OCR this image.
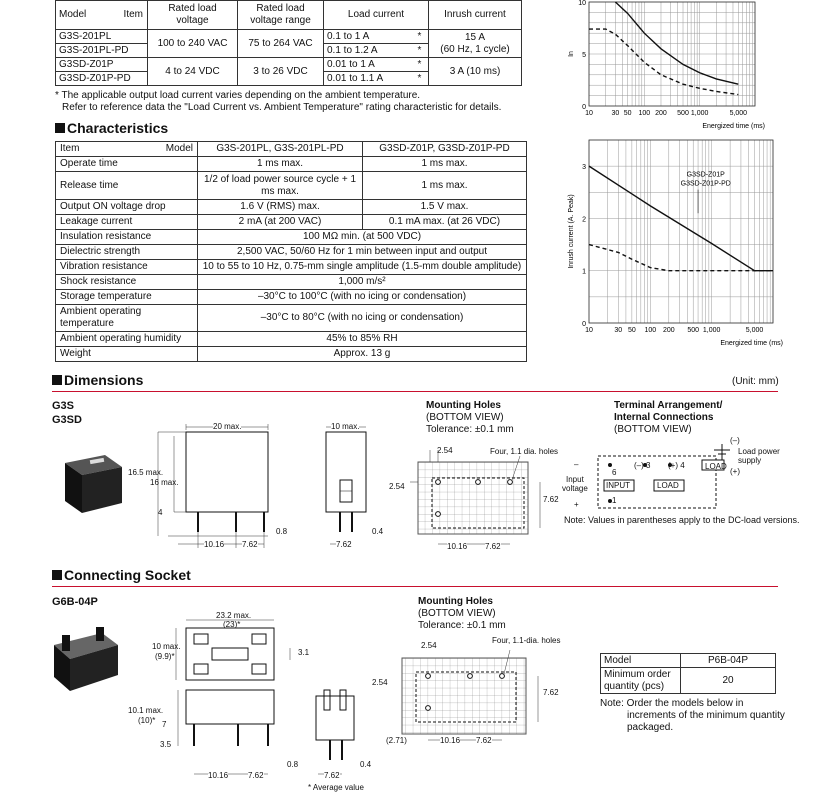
Model Item	Rated load voltage	Rated load voltage range	Load current		Inrush current
G3S-201PL	100 to 240 VAC	75 to 264 VAC	0.1 to 1 A	*	15 A
(60 Hz, 1 cycle)
G3S-201PL-PD			0.1 to 1.2 A	*	
G3SD-Z01P	4 to 24 VDC	3 to 26 VDC	0.01 to 1 A	*	3 A (10 ms)
G3SD-Z01P-PD			0.01 to 1.1 A	*	
* The applicable output load current varies depending on the ambient temperature.
Refer to reference data the "Load Current vs. Ambient Temperature" rating characteristic for details.
Characteristics
Item Model	G3S-201PL, G3S-201PL-PD	G3SD-Z01P, G3SD-Z01P-PD
Operate time	1 ms max.	1 ms max.
Release time	1/2 of load power source cycle + 1 ms max.	1 ms max.
Output ON voltage drop	1.6 V (RMS) max.	1.5 V max.
Leakage current	2 mA (at 200 VAC)	0.1 mA max. (at 26 VDC)
Insulation resistance	100 MΩ min. (at 500 VDC)	
Dielectric strength	2,500 VAC, 50/60 Hz for 1 min between input and output	
Vibration resistance	10 to 55 to 10 Hz, 0.75-mm single amplitude (1.5-mm double amplitude)	
Shock resistance	1,000 m/s²	
Storage temperature	–30°C to 100°C (with no icing or condensation)	
Ambient operating temperature	–30°C to 80°C (with no icing or condensation)	
Ambient operating humidity	45% to 85% RH	
Weight	Approx. 13 g	
10	30 50 100 200 500 1,000	5,000
0
5
10
Energized time (ms)
In
10	30 50 100 200 500 1,000	5,000
0
1
2
3
Energized time (ms)
Inrush current (A. Peak)
G3SD-Z01P
G3SD-Z01P-PD
Dimensions	(Unit: mm)
G3S
G3SD
20 max.
16.5 max.
16 max.
4
0.8
10.16 7.62
10 max.
0.4
7.62
Mounting Holes
(BOTTOM VIEW)
Tolerance: ±0.1 mm
2.54	Four, 1.1 dia. holes
2.54
7.62
10.16 7.62
Terminal Arrangement/
Internal Connections
(BOTTOM VIEW)
(–)
Load power
supply
(+)
(–) 3 (+) 4	LOAD
–
Input
voltage
+
INPUT	LOAD
6
1
Note: Values in parentheses apply to the DC-load versions.
Connecting Socket
G6B-04P
23.2 max.
(23)*
10 max.
(9.9)*	3.1
10.1 max.
(10)* 7
3.5
0.8
10.16 7.62
0.4
7.62
* Average value
Mounting Holes
(BOTTOM VIEW)
Tolerance: ±0.1 mm
2.54
Four, 1.1-dia. holes
2.54
7.62
(2.71)	10.16 7.62
Model	P6B-04P
Minimum order quantity (pcs)	20
Note: Order the models below in
increments of the minimum quantity
packaged.
